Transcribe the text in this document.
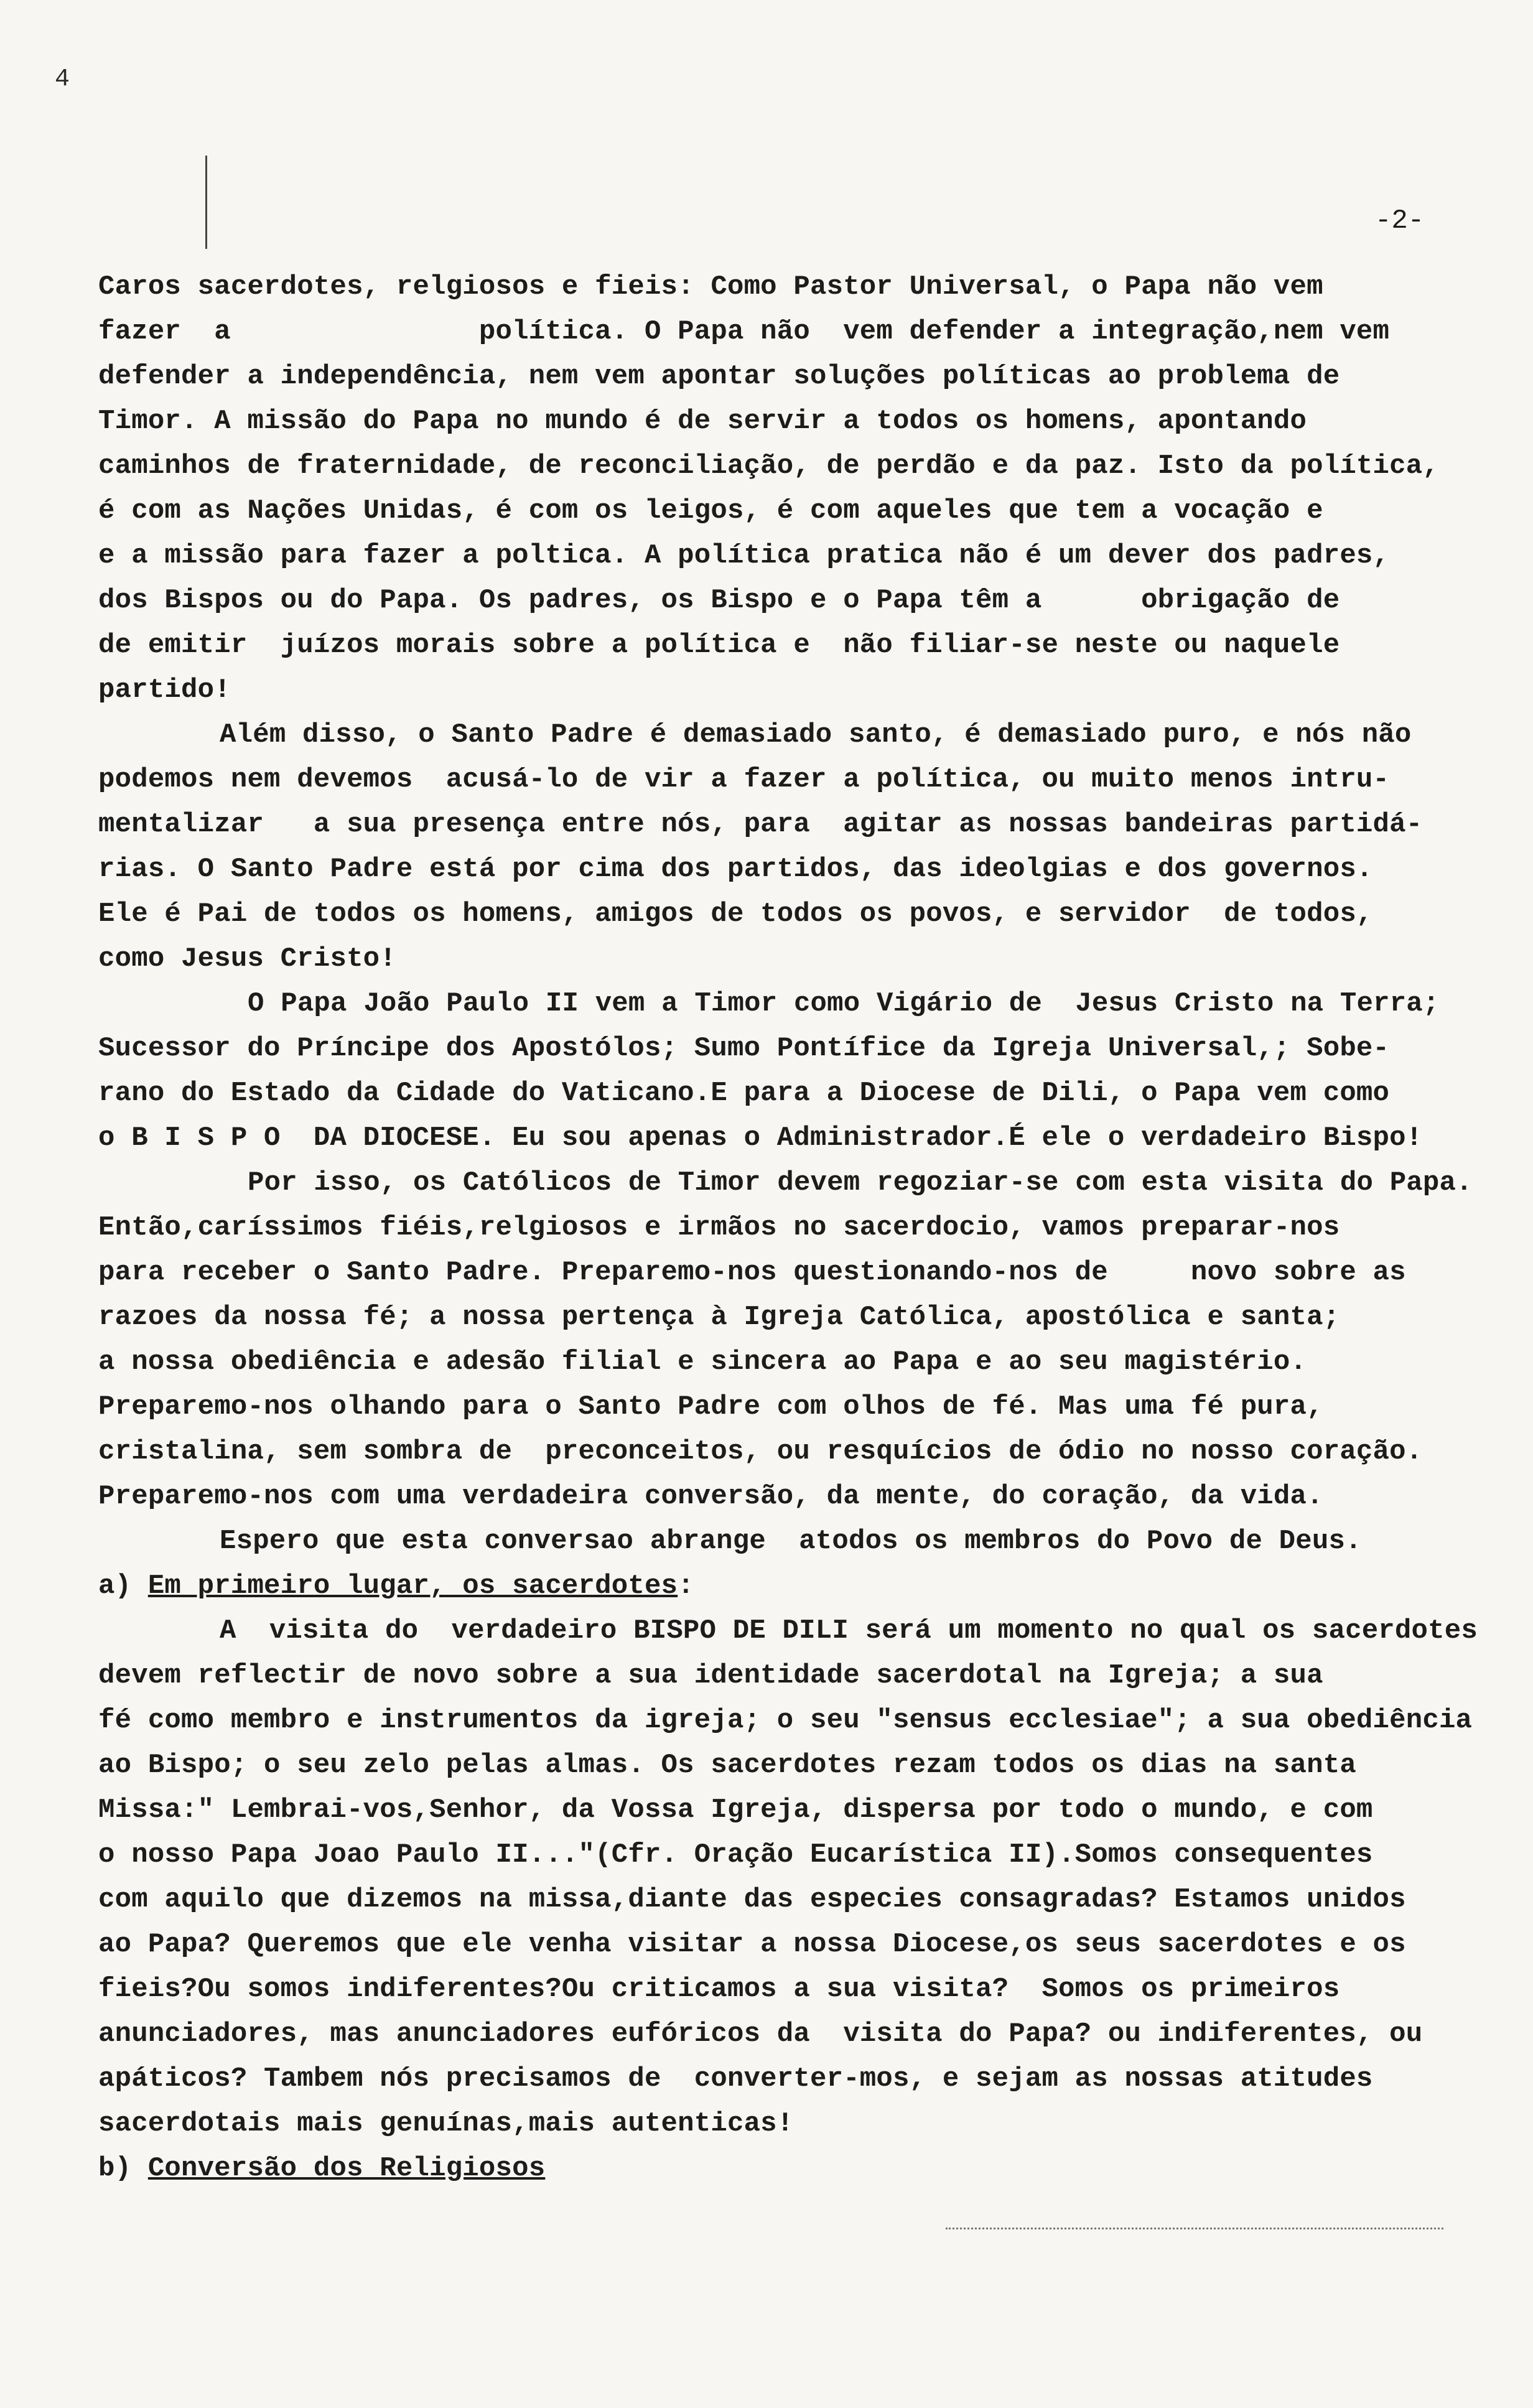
4
-2-
Caros sacerdotes, relgiosos e fieis: Como Pastor Universal, o Papa não vem
fazer  a               política. O Papa não  vem defender a integração,nem vem
defender a independência, nem vem apontar soluções políticas ao problema de
Timor. A missão do Papa no mundo é de servir a todos os homens, apontando
caminhos de fraternidade, de reconciliação, de perdão e da paz. Isto da política,
é com as Nações Unidas, é com os leigos, é com aqueles que tem a vocação e
e a missão para fazer a poltica. A política pratica não é um dever dos padres,
dos Bispos ou do Papa. Os padres, os Bispo e o Papa têm a      obrigação de
de emitir  juízos morais sobre a política e  não filiar-se neste ou naquele
partido!
Além disso, o Santo Padre é demasiado santo, é demasiado puro, e nós não
podemos nem devemos  acusá-lo de vir a fazer a política, ou muito menos intru-
mentalizar   a sua presença entre nós, para  agitar as nossas bandeiras partidá-
rias. O Santo Padre está por cima dos partidos, das ideolgias e dos governos.
Ele é Pai de todos os homens, amigos de todos os povos, e servidor  de todos,
como Jesus Cristo!
O Papa João Paulo II vem a Timor como Vigário de  Jesus Cristo na Terra;
Sucessor do Príncipe dos Apostólos; Sumo Pontífice da Igreja Universal,; Sobe-
rano do Estado da Cidade do Vaticano.E para a Diocese de Dili, o Papa vem como
o B I S P O  DA DIOCESE. Eu sou apenas o Administrador.É ele o verdadeiro Bispo!
Por isso, os Católicos de Timor devem regoziar-se com esta visita do Papa.
Então,caríssimos fiéis,relgiosos e irmãos no sacerdocio, vamos preparar-nos
para receber o Santo Padre. Preparemo-nos questionando-nos de     novo sobre as
razoes da nossa fé; a nossa pertença à Igreja Católica, apostólica e santa;
a nossa obediência e adesão filial e sincera ao Papa e ao seu magistério.
Preparemo-nos olhando para o Santo Padre com olhos de fé. Mas uma fé pura,
cristalina, sem sombra de  preconceitos, ou resquícios de ódio no nosso coração.
Preparemo-nos com uma verdadeira conversão, da mente, do coração, da vida.
Espero que esta conversao abrange  atodos os membros do Povo de Deus.
a) Em primeiro lugar, os sacerdotes:
A  visita do  verdadeiro BISPO DE DILI será um momento no qual os sacerdotes
devem reflectir de novo sobre a sua identidade sacerdotal na Igreja; a sua
fé como membro e instrumentos da igreja; o seu "sensus ecclesiae"; a sua obediência
ao Bispo; o seu zelo pelas almas. Os sacerdotes rezam todos os dias na santa
Missa:" Lembrai-vos,Senhor, da Vossa Igreja, dispersa por todo o mundo, e com
o nosso Papa Joao Paulo II..."(Cfr. Oração Eucarística II).Somos consequentes
com aquilo que dizemos na missa,diante das especies consagradas? Estamos unidos
ao Papa? Queremos que ele venha visitar a nossa Diocese,os seus sacerdotes e os
fieis?Ou somos indiferentes?Ou criticamos a sua visita?  Somos os primeiros
anunciadores, mas anunciadores eufóricos da  visita do Papa? ou indiferentes, ou
apáticos? Tambem nós precisamos de  converter-mos, e sejam as nossas atitudes
sacerdotais mais genuínas,mais autenticas!
b) Conversão dos Religiosos
